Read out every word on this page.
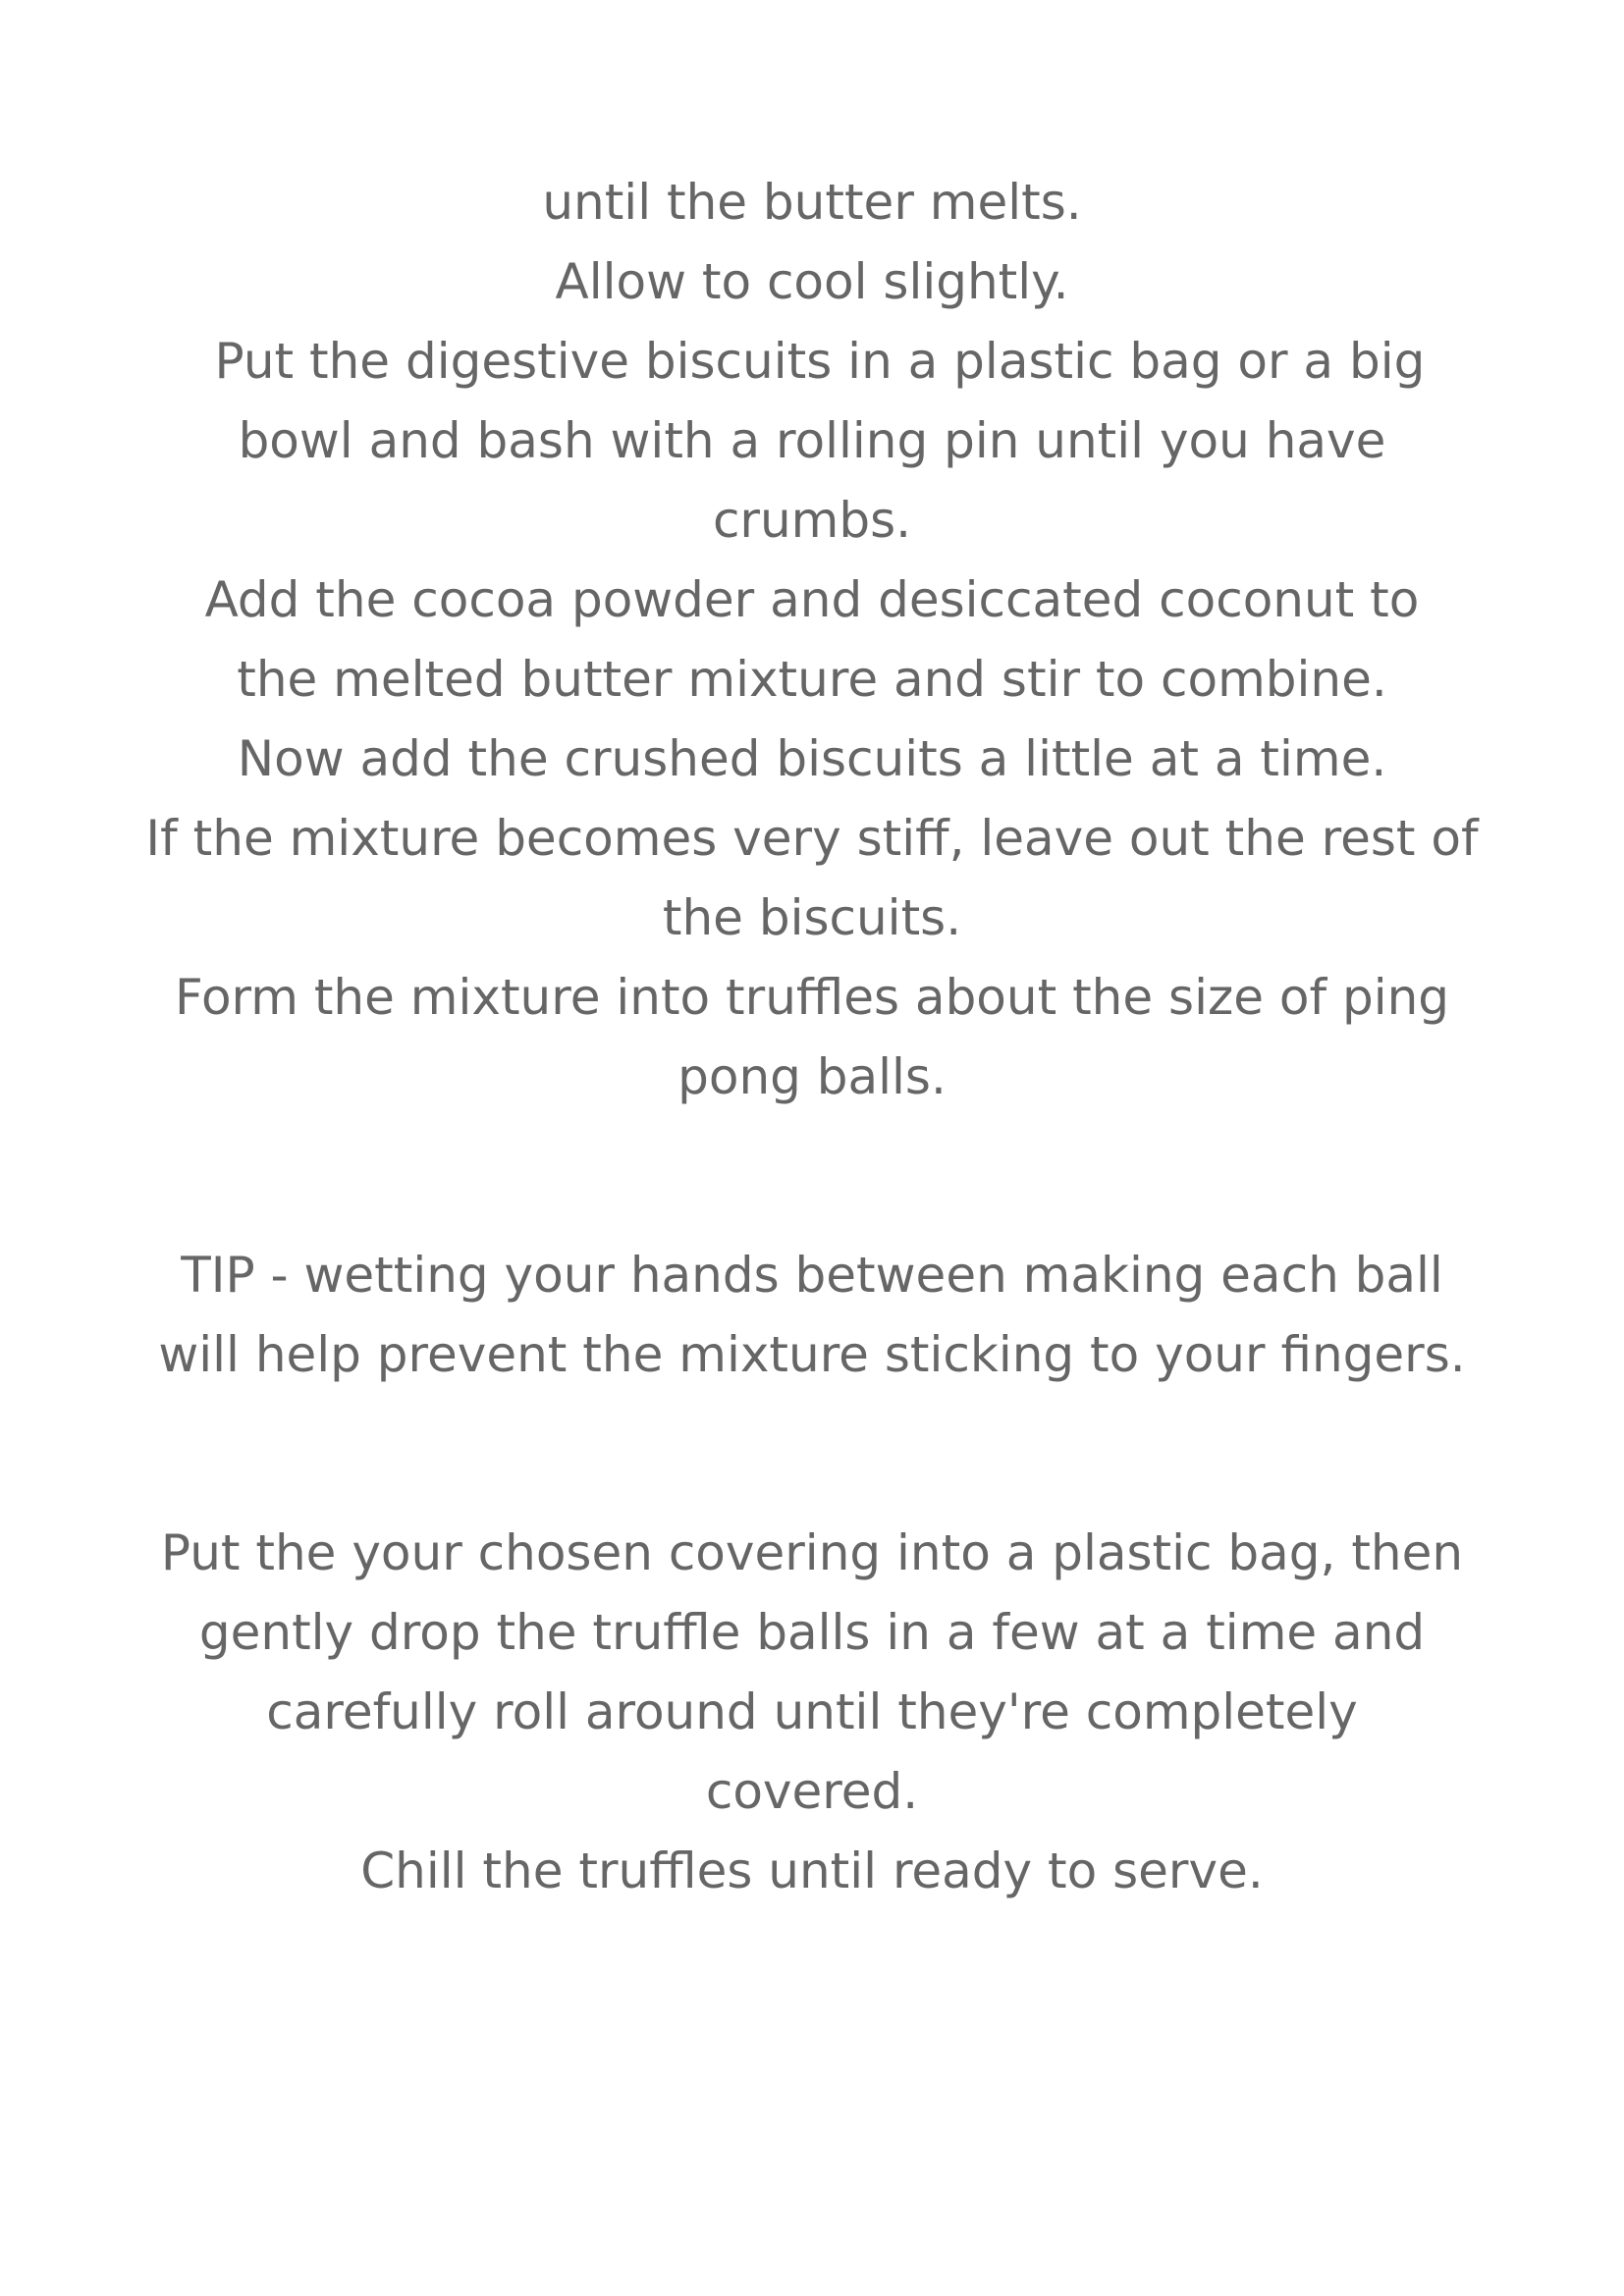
until the butter melts.
Allow to cool slightly.
Put the digestive biscuits in a plastic bag or a big
bowl and bash with a rolling pin until you have
crumbs.
Add the cocoa powder and desiccated coconut to
the melted butter mixture and stir to combine.
Now add the crushed biscuits a little at a time.
If the mixture becomes very stiff, leave out the rest of
the biscuits.
Form the mixture into truffles about the size of ping
pong balls.
TIP - wetting your hands between making each ball
will help prevent the mixture sticking to your fingers.
Put the your chosen covering into a plastic bag, then
gently drop the truffle balls in a few at a time and
carefully roll around until they're completely
covered.
Chill the truffles until ready to serve.
